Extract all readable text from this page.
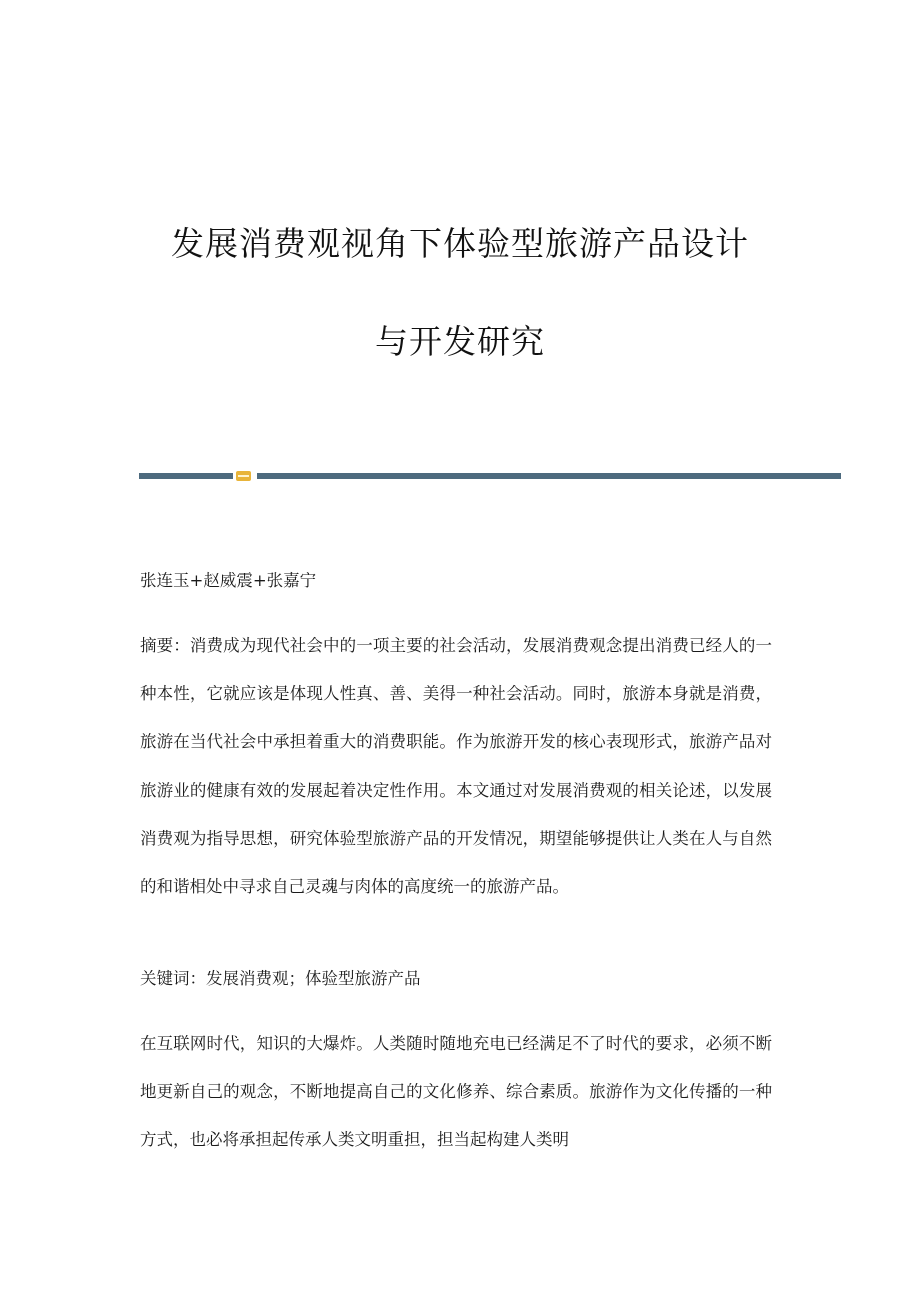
发展消费观视角下体验型旅游产品设计
与开发研究
张连玉+赵威震+张嘉宁

摘要：消费成为现代社会中的一项主要的社会活动，发展消费观念提出消费已经人的一种本性，它就应该是体现人性真、善、美得一种社会活动。同时，旅游本身就是消费，旅游在当代社会中承担着重大的消费职能。作为旅游开发的核心表现形式，旅游产品对旅游业的健康有效的发展起着决定性作用。本文通过对发展消费观的相关论述，以发展消费观为指导思想，研究体验型旅游产品的开发情况，期望能够提供让人类在人与自然的和谐相处中寻求自己灵魂与肉体的高度统一的旅游产品。

关键词：发展消费观；体验型旅游产品

在互联网时代，知识的大爆炸。人类随时随地充电已经满足不了时代的要求，必须不断地更新自己的观念，不断地提高自己的文化修养、综合素质。旅游作为文化传播的一种方式，也必将承担起传承人类文明重担，担当起构建人类明
